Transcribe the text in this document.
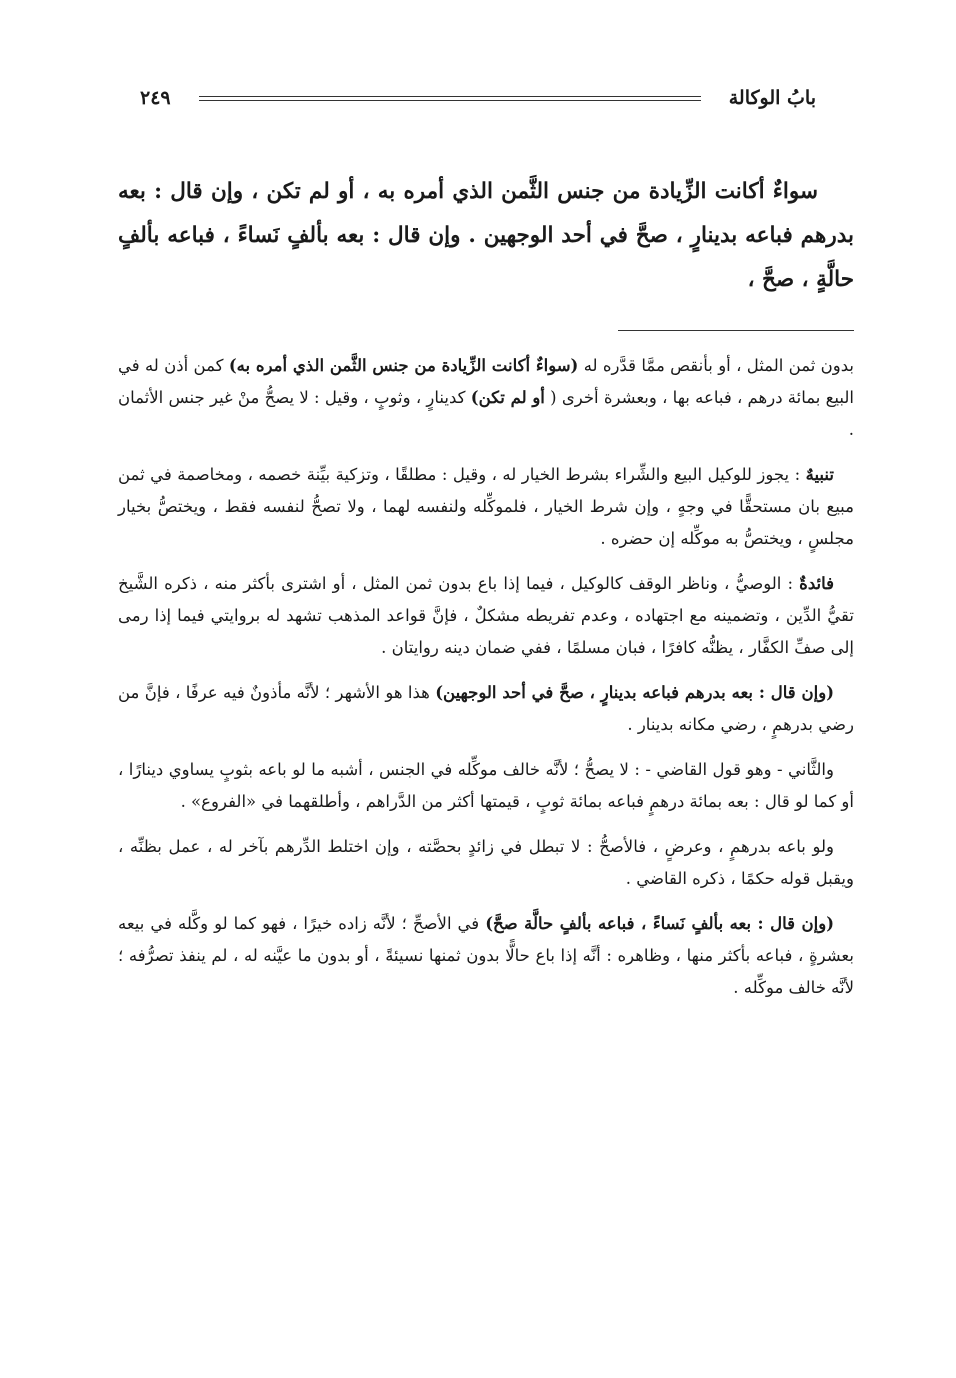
بابُ الوكالة
٢٤٩

سواءٌ أكانت الزِّيادة من جنس الثَّمن الذي أمره به ، أو لم تكن ، وإن قال : بعه بدرهم فباعه بدينارٍ ، صحَّ في أحد الوجهين . وإن قال : بعه بألفٍ نَساءً ، فباعه بألفٍ حالَّةٍ ، صحَّ ،

بدون ثمن المثل ، أو بأنقص ممَّا قدَّره له (سواءٌ أكانت الزِّيادة من جنس الثَّمن الذي أمره به) كمن أذن له في البيع بمائة درهم ، فباعه بها ، وبعشرة أخرى ( أو لم تكن) كدينارٍ ، وثوبٍ ، وقيل : لا يصحُّ منْ غير جنس الأثمان .

تنبيهٌ : يجوز للوكيل البيع والشِّراء بشرط الخيار له ، وقيل : مطلقًا ، وتزكية بيِّنة خصمه ، ومخاصمة في ثمن مبيع بان مستحقًّا في وجهٍ ، وإن شرط الخيار ، فلموكِّله ولنفسه لهما ، ولا تصحُّ لنفسه فقط ، ويختصُّ بخيار مجلسٍ ، ويختصُّ به موكِّله إن حضره .

فائدةٌ : الوصيُّ ، وناظر الوقف كالوكيل ، فيما إذا باع بدون ثمن المثل ، أو اشترى بأكثر منه ، ذكره الشَّيخ تقيُّ الدِّين ، وتضمينه مع اجتهاده ، وعدم تفريطه مشكلٌ ، فإنَّ قواعد المذهب تشهد له بروايتي فيما إذا رمى إلى صفِّ الكفَّار ، يظنُّه كافرًا ، فبان مسلمًا ، ففي ضمان دينه روايتان .

(وإن قال : بعه بدرهم فباعه بدينارٍ ، صحَّ في أحد الوجهين) هذا هو الأشهر ؛ لأنَّه مأذونٌ فيه عرفًا ، فإنَّ من رضي بدرهمٍ ، رضي مكانه بدينار .

والثَّاني - وهو قول القاضي - : لا يصحُّ ؛ لأنَّه خالف موكِّله في الجنس ، أشبه ما لو باعه بثوبٍ يساوي دينارًا ، أو كما لو قال : بعه بمائة درهمٍ فباعه بمائة ثوبٍ ، قيمتها أكثر من الدَّراهم ، وأطلقهما في «الفروع» .

ولو باعه بدرهمٍ ، وعرضٍ ، فالأصحُّ : لا تبطل في زائدٍ بحصَّته ، وإن اختلط الدِّرهم بآخر له ، عمل بظنِّه ، ويقبل قوله حكمًا ، ذكره القاضي .

(وإن قال : بعه بألفٍ نَساءً ، فباعه بألفٍ حالَّة صحَّ) في الأصحِّ ؛ لأنَّه زاده خيرًا ، فهو كما لو وكَّله في بيعه بعشرةٍ ، فباعه بأكثر منها ، وظاهره : أنَّه إذا باع حالًّا بدون ثمنها نسيئةً ، أو بدون ما عيَّنه له ، لم ينفذ تصرُّفه ؛ لأنَّه خالف موكِّله .
